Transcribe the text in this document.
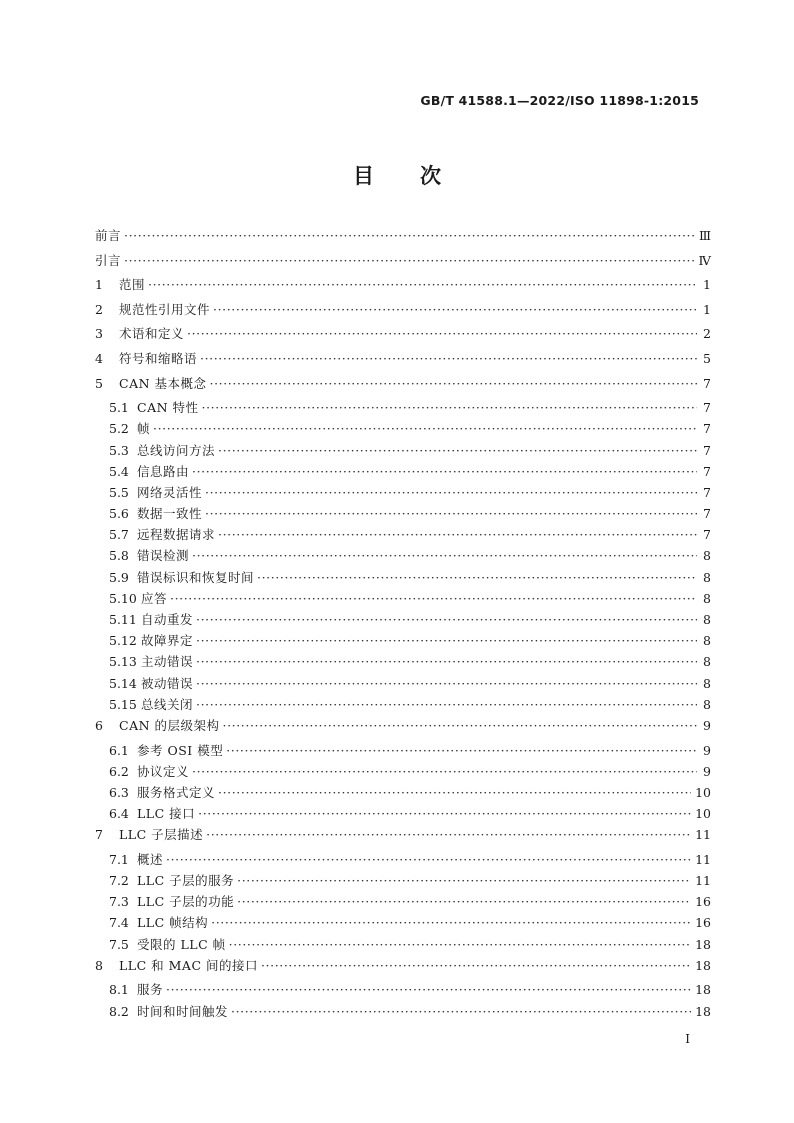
GB/T 41588.1—2022/ISO 11898-1:2015
目 次
前言 ·····	Ⅲ
引言 ·····	Ⅳ
1	范围 ·····	1
2	规范性引用文件 ·····	1
3	术语和定义 ·····	2
4	符号和缩略语 ·····	5
5	CAN 基本概念 ·····	7
5.1 CAN 特性 ·····	7
5.2 帧 ·····	7
5.3 总线访问方法 ·····	7
5.4 信息路由 ·····	7
5.5 网络灵活性 ·····	7
5.6 数据一致性 ·····	7
5.7 远程数据请求 ·····	7
5.8 错误检测 ·····	8
5.9 错误标识和恢复时间 ·····	8
5.10 应答 ·····	8
5.11 自动重发 ·····	8
5.12 故障界定 ·····	8
5.13 主动错误 ·····	8
5.14 被动错误 ·····	8
5.15 总线关闭 ·····	8
6	CAN 的层级架构 ·····	9
6.1 参考 OSI 模型 ·····	9
6.2 协议定义 ·····	9
6.3 服务格式定义 ·····	10
6.4 LLC 接口 ·····	10
7	LLC 子层描述 ·····	11
7.1 概述 ·····	11
7.2 LLC 子层的服务 ·····	11
7.3 LLC 子层的功能 ·····	16
7.4 LLC 帧结构 ·····	16
7.5 受限的 LLC 帧 ·····	18
8	LLC 和 MAC 间的接口 ·····	18
8.1 服务 ·····	18
8.2 时间和时间触发 ·····	18
I
